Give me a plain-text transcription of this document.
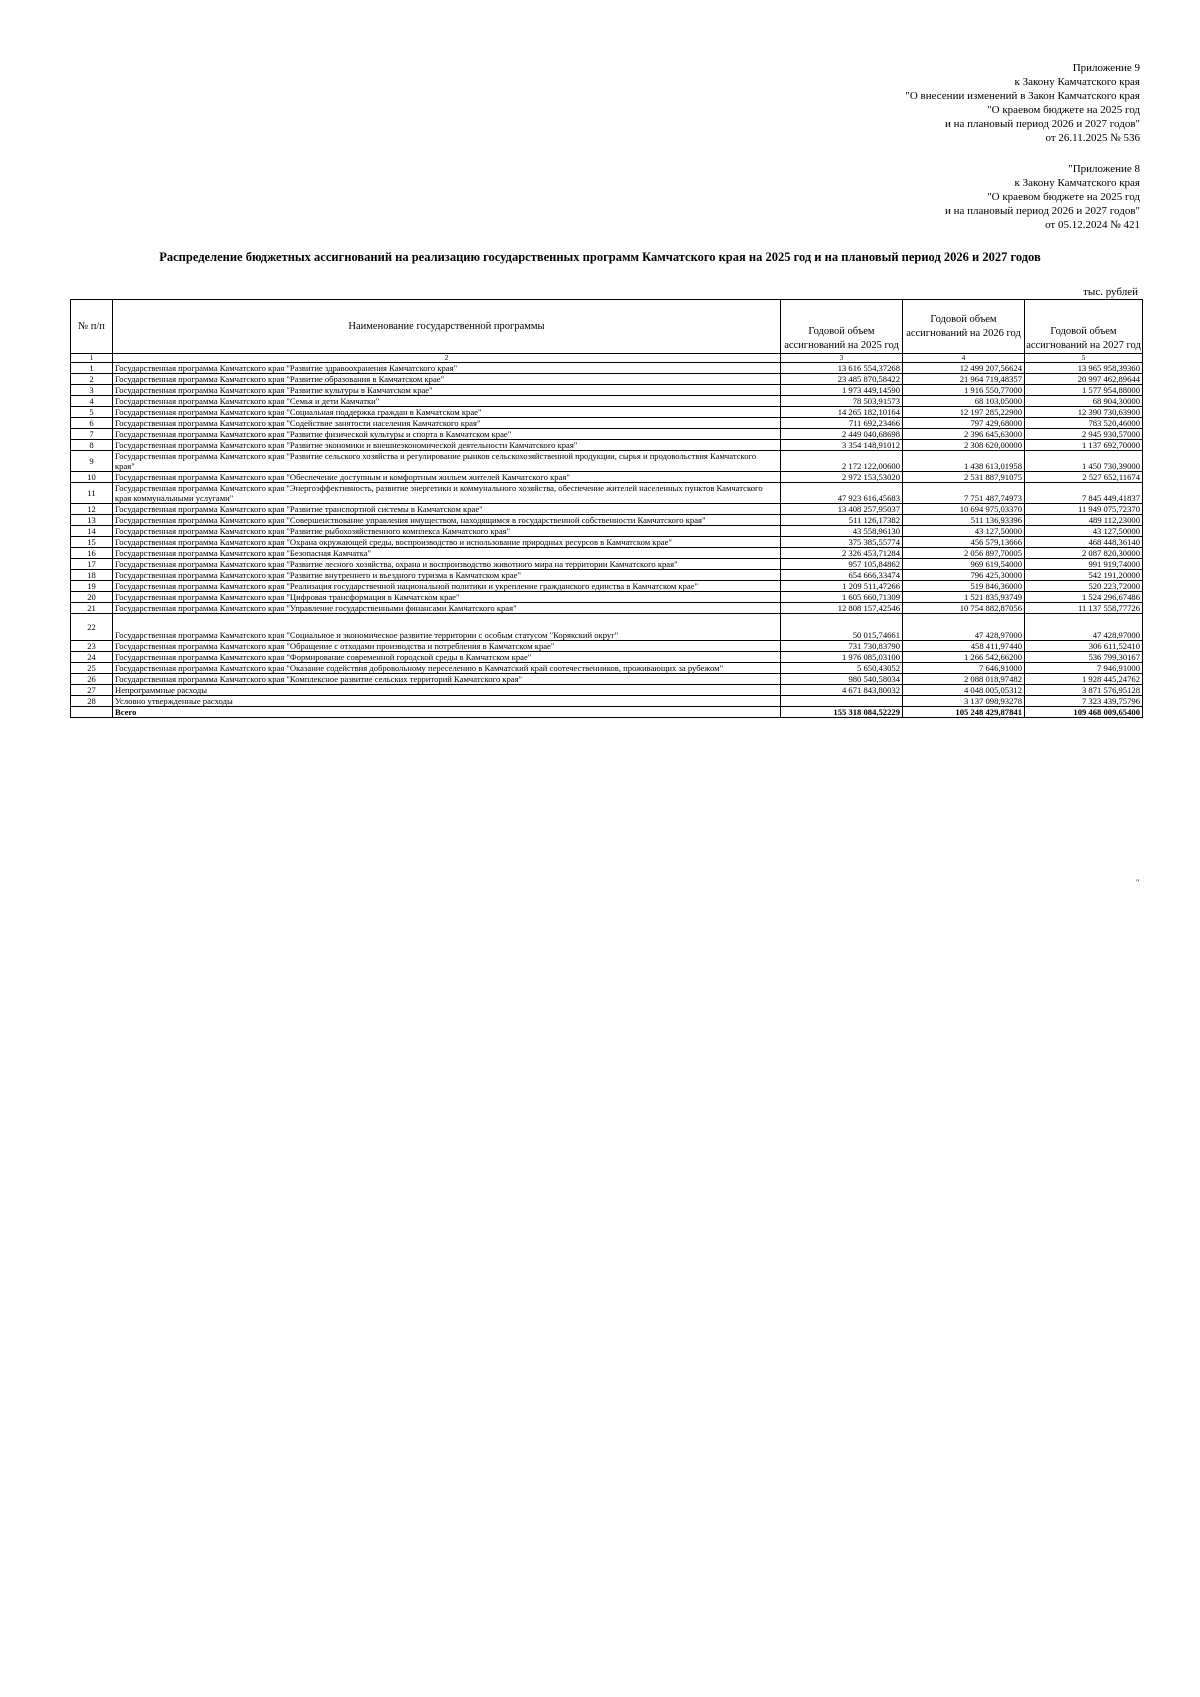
Приложение 9
к Закону Камчатского края
"О внесении изменений в Закон Камчатского края
"О краевом бюджете на 2025 год
и на плановый период 2026 и 2027 годов"
от 26.11.2025 № 536
"Приложение 8
к Закону Камчатского края
"О краевом бюджете на 2025 год
и на плановый период 2026 и 2027 годов"
от 05.12.2024 № 421
Распределение бюджетных ассигнований на реализацию государственных программ Камчатского края на 2025 год и на плановый период 2026 и 2027 годов
тыс. рублей
№ п/п	Наименование государственной программы	Годовой объем ассигнований на 2025 год	Годовой объем ассигнований на 2026 год	Годовой объем ассигнований на 2027 год
1	2	3	4	5
1	Государственная программа Камчатского края "Развитие здравоохранения Камчатского края"	13 616 554,37268	12 499 207,56624	13 965 958,39360
2	Государственная программа Камчатского края "Развитие образования в Камчатском крае"	23 485 870,58422	21 964 719,48357	20 997 462,89644
3	Государственная программа Камчатского края "Развитие культуры в Камчатском крае"	1 973 449,14590	1 916 550,77000	1 577 954,88000
4	Государственная программа Камчатского края "Семья и дети Камчатки"	78 503,91573	68 103,05000	68 904,30000
5	Государственная программа Камчатского края "Социальная поддержка граждан в Камчатском крае"	14 265 182,10164	12 197 285,22900	12 390 730,63900
6	Государственная программа Камчатского края "Содействие занятости населения Камчатского края"	711 692,23466	797 429,68000	783 520,46000
7	Государственная программа Камчатского края "Развитие физической культуры и спорта в Камчатском крае"	2 449 040,68698	2 396 645,63000	2 945 930,57000
8	Государственная программа Камчатского края "Развитие экономики и внешнеэкономической деятельности Камчатского края"	3 354 148,91012	2 308 620,00000	1 137 692,70000
9	Государственная программа Камчатского края "Развитие сельского хозяйства и регулирование рынков сельскохозяйственной продукции, сырья и продовольствия Камчатского края"	2 172 122,00600	1 438 613,01958	1 450 730,39000
10	Государственная программа Камчатского края "Обеспечение доступным и комфортным жильем жителей Камчатского края"	2 972 153,53020	2 531 887,91075	2 527 652,11674
11	Государственная программа Камчатского края "Энергоэффективность, развитие энергетики и коммунального хозяйства, обеспечение жителей населенных пунктов Камчатского края коммунальными услугами"	47 923 616,45683	7 751 487,74973	7 845 449,41837
12	Государственная программа Камчатского края "Развитие транспортной системы в Камчатском крае"	13 408 257,95037	10 694 975,03370	11 949 075,72370
13	Государственная программа Камчатского края "Совершенствование управления имуществом, находящимся в государственной собственности Камчатского края"	511 126,17382	511 136,93396	489 112,23000
14	Государственная программа Камчатского края "Развитие рыбохозяйственного комплекса Камчатского края"	43 558,96130	43 127,50000	43 127,50000
15	Государственная программа Камчатского края "Охрана окружающей среды, воспроизводство и использование природных ресурсов в Камчатском крае"	375 385,55774	456 579,13666	468 448,36140
16	Государственная программа Камчатского края "Безопасная Камчатка"	2 326 453,71284	2 056 897,70005	2 087 820,30000
17	Государственная программа Камчатского края "Развитие лесного хозяйства, охрана и воспроизводство животного мира на территории Камчатского края"	957 105,84862	969 619,54000	991 919,74000
18	Государственная программа Камчатского края "Развитие внутреннего и въездного туризма в Камчатском крае"	654 666,33474	796 425,30000	542 191,20000
19	Государственная программа Камчатского края "Реализация государственной национальной политики и укрепление гражданского единства в Камчатском крае"	1 209 511,47266	519 846,36000	520 223,72000
20	Государственная программа Камчатского края "Цифровая трансформация в Камчатском крае"	1 605 660,71309	1 521 835,93749	1 524 296,67486
21	Государственная программа Камчатского края "Управление государственными финансами Камчатского края"	12 808 157,42546	10 754 882,87056	11 137 558,77726
22	Государственная программа Камчатского края "Социальное и экономическое развитие территории с особым статусом "Корякский округ"	50 015,74661	47 428,97000	47 428,97000
23	Государственная программа Камчатского края "Обращение с отходами производства и потребления в Камчатском крае"	731 730,83790	458 411,97440	306 611,52410
24	Государственная программа Камчатского края "Формирование современной городской среды в Камчатском крае"	1 976 085,03100	1 266 542,66200	536 799,30167
25	Государственная программа Камчатского края "Оказание содействия добровольному переселению в Камчатский край соотечественников, проживающих за рубежом"	5 650,43052	7 646,91000	7 946,91000
26	Государственная программа Камчатского края "Комплексное развитие сельских территорий Камчатского края"	980 540,58034	2 088 018,97482	1 928 445,24762
27	Непрограммные расходы	4 671 843,80032	4 048 005,05312	3 871 576,95128
28	Условно утвержденные расходы		3 137 098,93278	7 323 439,75796
	Всего	155 318 084,52229	105 248 429,87841	109 468 009,65400
"
